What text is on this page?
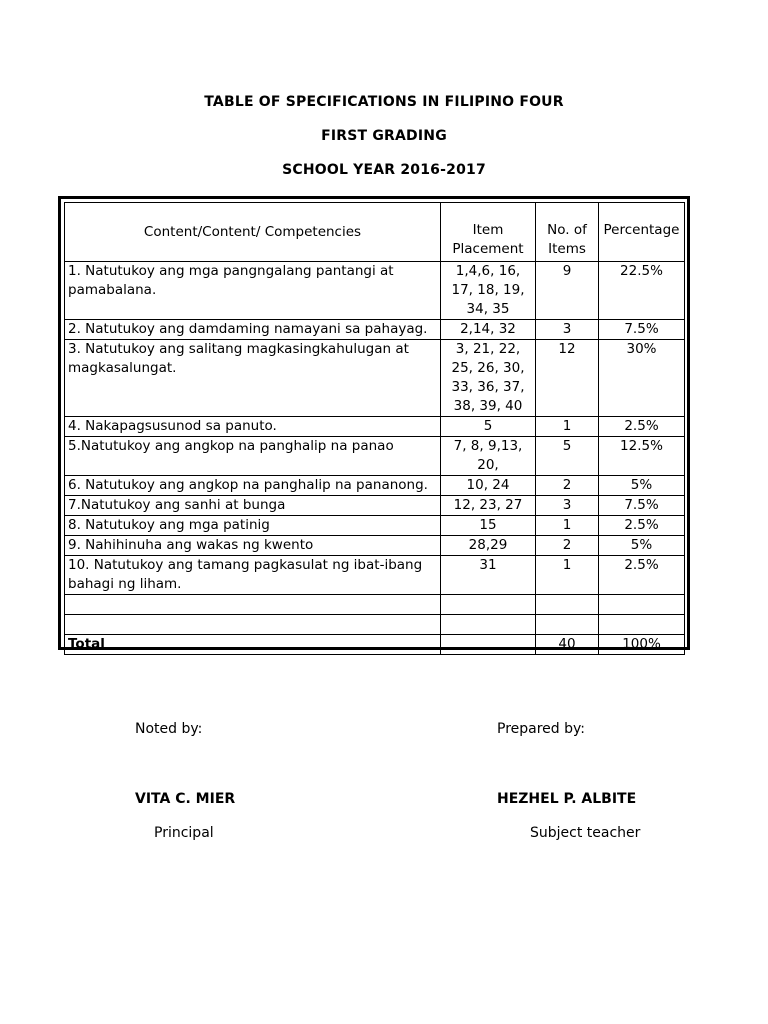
TABLE OF SPECIFICATIONS IN FILIPINO FOUR
FIRST GRADING
SCHOOL YEAR 2016-2017
Content/Content/ Competencies	Item Placement	No. of Items	Percentage
1. Natutukoy ang mga pangngalang pantangi at pamabalana.	1,4,6, 16, 17, 18, 19, 34, 35	9	22.5%
2. Natutukoy ang damdaming namayani sa pahayag.	2,14, 32	3	7.5%
3. Natutukoy ang salitang magkasingkahulugan at magkasalungat.	3, 21, 22, 25, 26, 30, 33, 36, 37, 38, 39, 40	12	30%
4. Nakapagsusunod sa panuto.	5	1	2.5%
5.Natutukoy ang angkop na panghalip na panao	7, 8, 9,13, 20,	5	12.5%
6. Natutukoy ang angkop na panghalip na pananong.	10, 24	2	5%
7.Natutukoy ang sanhi at bunga	12, 23, 27	3	7.5%
8. Natutukoy ang mga patinig	15	1	2.5%
9. Nahihinuha ang wakas ng kwento	28,29	2	5%
10. Natutukoy ang tamang pagkasulat ng ibat-ibang bahagi ng liham.	31	1	2.5%

Total		40	100%
Noted by:
VITA C. MIER
Principal
Prepared by:
HEZHEL P. ALBITE
Subject teacher
